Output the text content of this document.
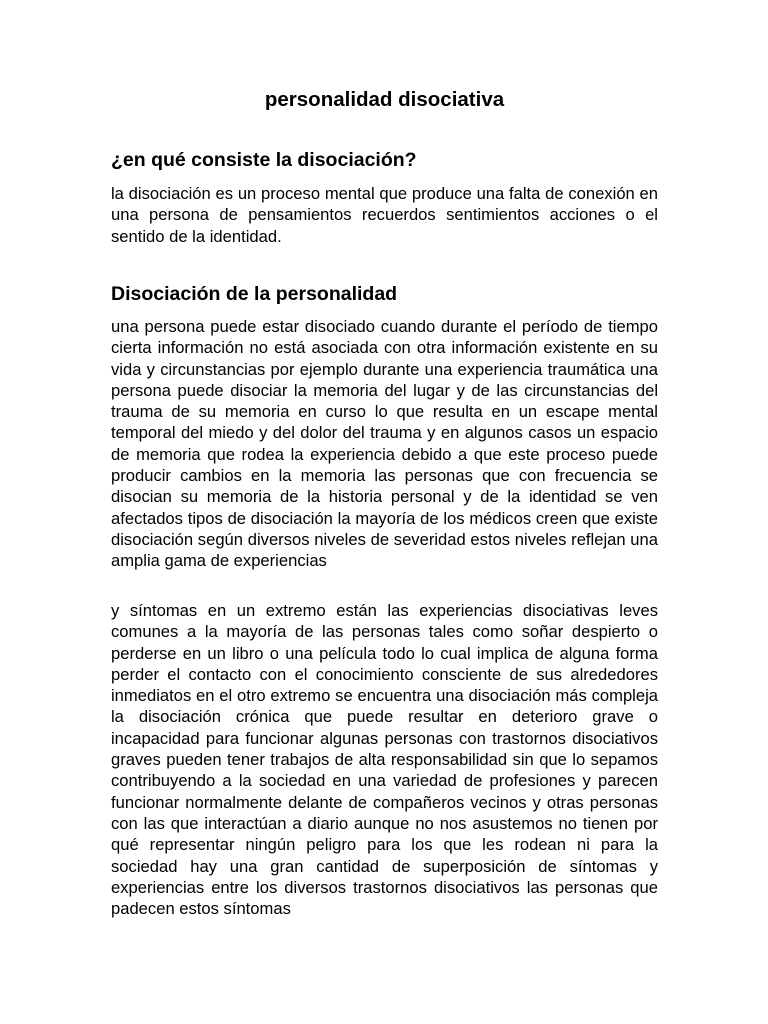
personalidad disociativa
¿en qué consiste la disociación?

la disociación es un proceso mental que produce una falta de conexión en una persona de pensamientos recuerdos sentimientos acciones o el sentido de la identidad.

Disociación de la personalidad

una persona puede estar disociado cuando durante el período de tiempo cierta información no está asociada con otra información existente en su vida y circunstancias por ejemplo durante una experiencia traumática una persona puede disociar la memoria del lugar y de las circunstancias del trauma de su memoria en curso lo que resulta en un escape mental temporal del miedo y del dolor del trauma y en algunos casos un espacio de memoria que rodea la experiencia debido a que este proceso puede producir cambios en la memoria las personas que con frecuencia se disocian su memoria de la historia personal y de la identidad se ven afectados tipos de disociación la mayoría de los médicos creen que existe disociación según diversos niveles de severidad estos niveles reflejan una amplia gama de experiencias

y síntomas en un extremo están las experiencias disociativas leves comunes a la mayoría de las personas tales como soñar despierto o perderse en un libro o una película todo lo cual implica de alguna forma perder el contacto con el conocimiento consciente de sus alrededores inmediatos en el otro extremo se encuentra una disociación más compleja la disociación crónica que puede resultar en deterioro grave o incapacidad para funcionar algunas personas con trastornos disociativos graves pueden tener trabajos de alta responsabilidad sin que lo sepamos contribuyendo a la sociedad en una variedad de profesiones y parecen funcionar normalmente delante de compañeros vecinos y otras personas con las que interactúan a diario aunque no nos asustemos no tienen por qué representar ningún peligro para los que les rodean ni para la sociedad hay una gran cantidad de superposición de síntomas y experiencias entre los diversos trastornos disociativos las personas que padecen estos síntomas
